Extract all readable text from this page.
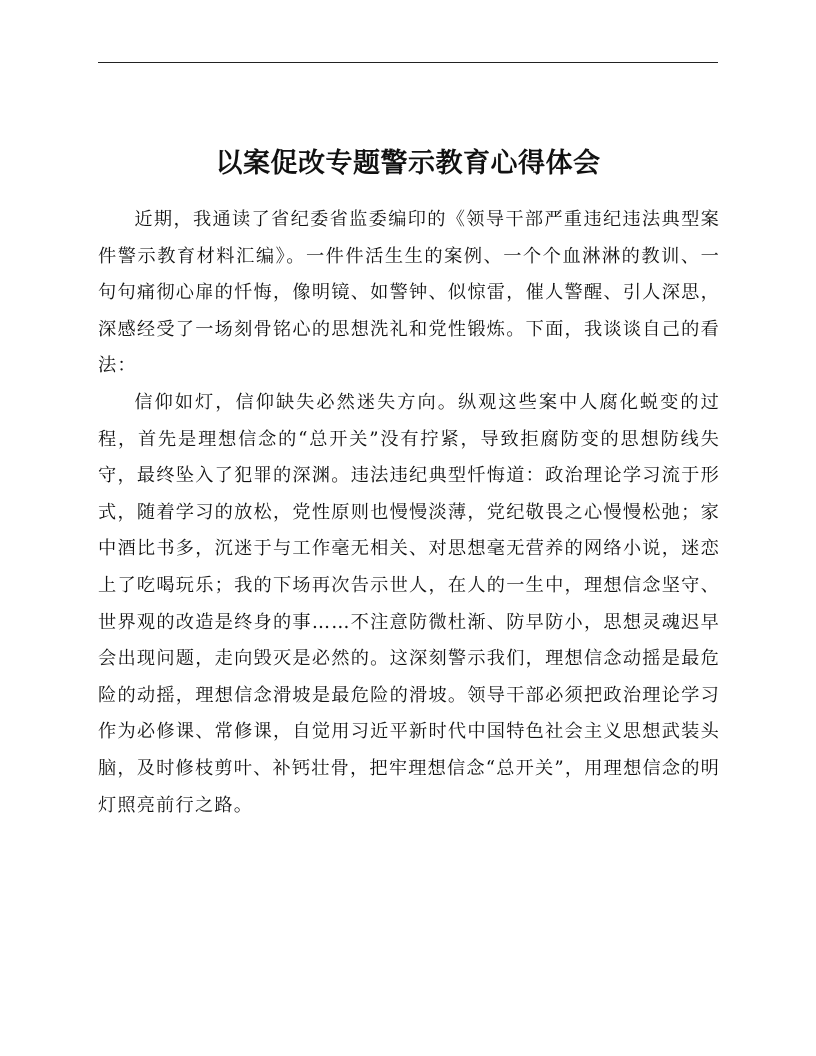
以案促改专题警示教育心得体会

近期，我通读了省纪委省监委编印的《领导干部严重违纪违法典型案件警示教育材料汇编》。一件件活生生的案例、一个个血淋淋的教训、一句句痛彻心扉的忏悔，像明镜、如警钟、似惊雷，催人警醒、引人深思，深感经受了一场刻骨铭心的思想洗礼和党性锻炼。下面，我谈谈自己的看法：

信仰如灯，信仰缺失必然迷失方向。纵观这些案中人腐化蜕变的过程，首先是理想信念的“总开关”没有拧紧，导致拒腐防变的思想防线失守，最终坠入了犯罪的深渊。违法违纪典型忏悔道：政治理论学习流于形式，随着学习的放松，党性原则也慢慢淡薄，党纪敬畏之心慢慢松弛；家中酒比书多，沉迷于与工作毫无相关、对思想毫无营养的网络小说，迷恋上了吃喝玩乐；我的下场再次告示世人，在人的一生中，理想信念坚守、世界观的改造是终身的事……不注意防微杜渐、防早防小，思想灵魂迟早会出现问题，走向毁灭是必然的。这深刻警示我们，理想信念动摇是最危险的动摇，理想信念滑坡是最危险的滑坡。领导干部必须把政治理论学习作为必修课、常修课，自觉用习近平新时代中国特色社会主义思想武装头脑，及时修枝剪叶、补钙壮骨，把牢理想信念“总开关”，用理想信念的明灯照亮前行之路。
